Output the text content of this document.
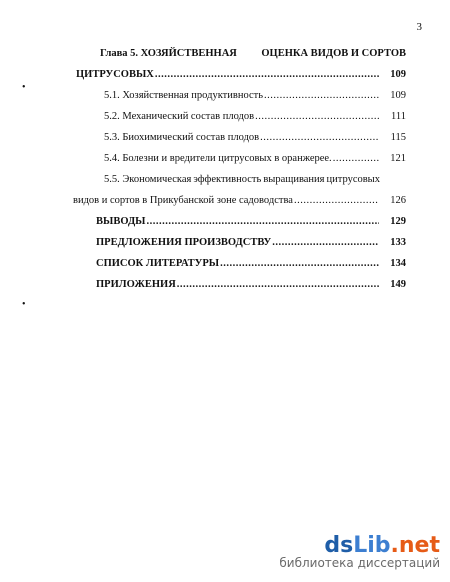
3
•
•
Глава 5. ХОЗЯЙСТВЕННАЯ ОЦЕНКА ВИДОВ И СОРТОВ
ЦИТРУСОВЫХ .....	109
5.1. Хозяйственная продуктивность .....	109
5.2. Механический состав плодов .....	111
5.3. Биохимический состав плодов .....	115
5.4. Болезни и вредители цитрусовых в оранжерее. .....	121
5.5. Экономическая эффективность выращивания цитрусовых
видов и сортов в Прикубанской зоне садоводства .....	126
ВЫВОДЫ .....	129
ПРЕДЛОЖЕНИЯ ПРОИЗВОДСТВУ .....	133
СПИСОК ЛИТЕРАТУРЫ .....	134
ПРИЛОЖЕНИЯ .....	149
ds Lib .net
библиотека диссертаций
